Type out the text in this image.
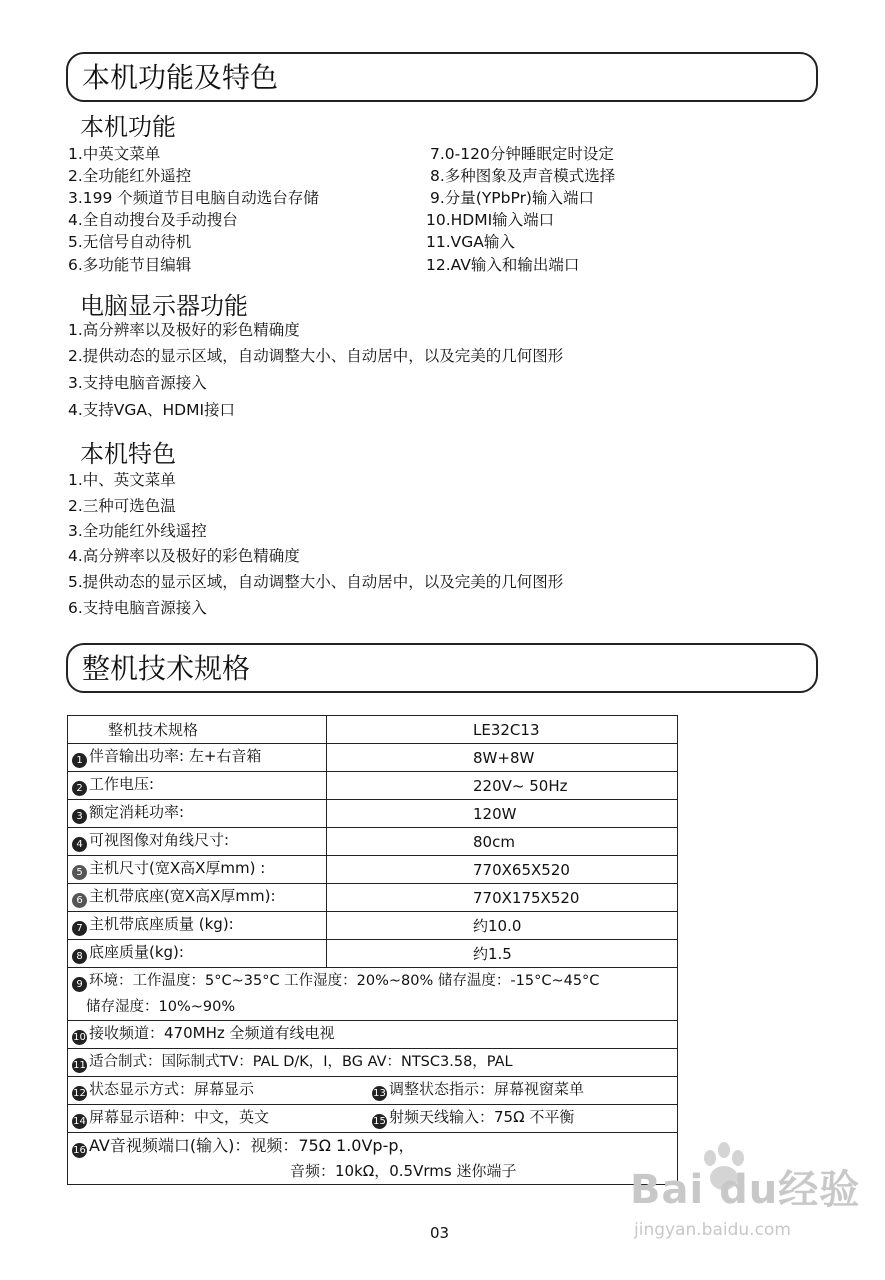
本机功能及特色
本机功能
1.中英文菜单
2.全功能红外遥控
3.199 个频道节目电脑自动选台存储
4.全自动搜台及手动搜台
5.无信号自动待机
6.多功能节目编辑
7.0-120分钟睡眠定时设定
8.多种图象及声音模式选择
9.分量(YPbPr)输入端口
10.HDMI输入端口
11.VGA输入
12.AV输入和输出端口
电脑显示器功能
1.高分辨率以及极好的彩色精确度
2.提供动态的显示区域，自动调整大小、自动居中，以及完美的几何图形
3.支持电脑音源接入
4.支持VGA、HDMI接口
本机特色
1.中、英文菜单
2.三种可选色温
3.全功能红外线遥控
4.高分辨率以及极好的彩色精确度
5.提供动态的显示区域，自动调整大小、自动居中，以及完美的几何图形
6.支持电脑音源接入
整机技术规格
整机技术规格	LE32C13
1 伴音输出功率: 左+右音箱	8W+8W
2 工作电压:	220V~ 50Hz
3 额定消耗功率:	120W
4 可视图像对角线尺寸:	80cm
5 主机尺寸(宽X高X厚mm) :	770X65X520
6 主机带底座(宽X高X厚mm):	770X175X520
7 主机带底座质量 (kg):	约10.0
8 底座质量(kg):	约1.5
9 环境：工作温度：5°C~35°C 工作湿度：20%~80% 储存温度：-15°C~45°C
储存湿度：10%~90%	
10 接收频道：470MHz 全频道有线电视	
11 适合制式：国际制式TV：PAL D/K，I，BG AV：NTSC3.58，PAL	
12 状态显示方式：屏幕显示 13 调整状态指示：屏幕视窗菜单	
14 屏幕显示语种：中文，英文 15 射频天线输入：75Ω 不平衡	
16 AV音视频端口(输入)：视频：75Ω 1.0Vp-p，
音频：10kΩ，0.5Vrms 迷你端子	
03
Bai du经验
jingyan.baidu.com
